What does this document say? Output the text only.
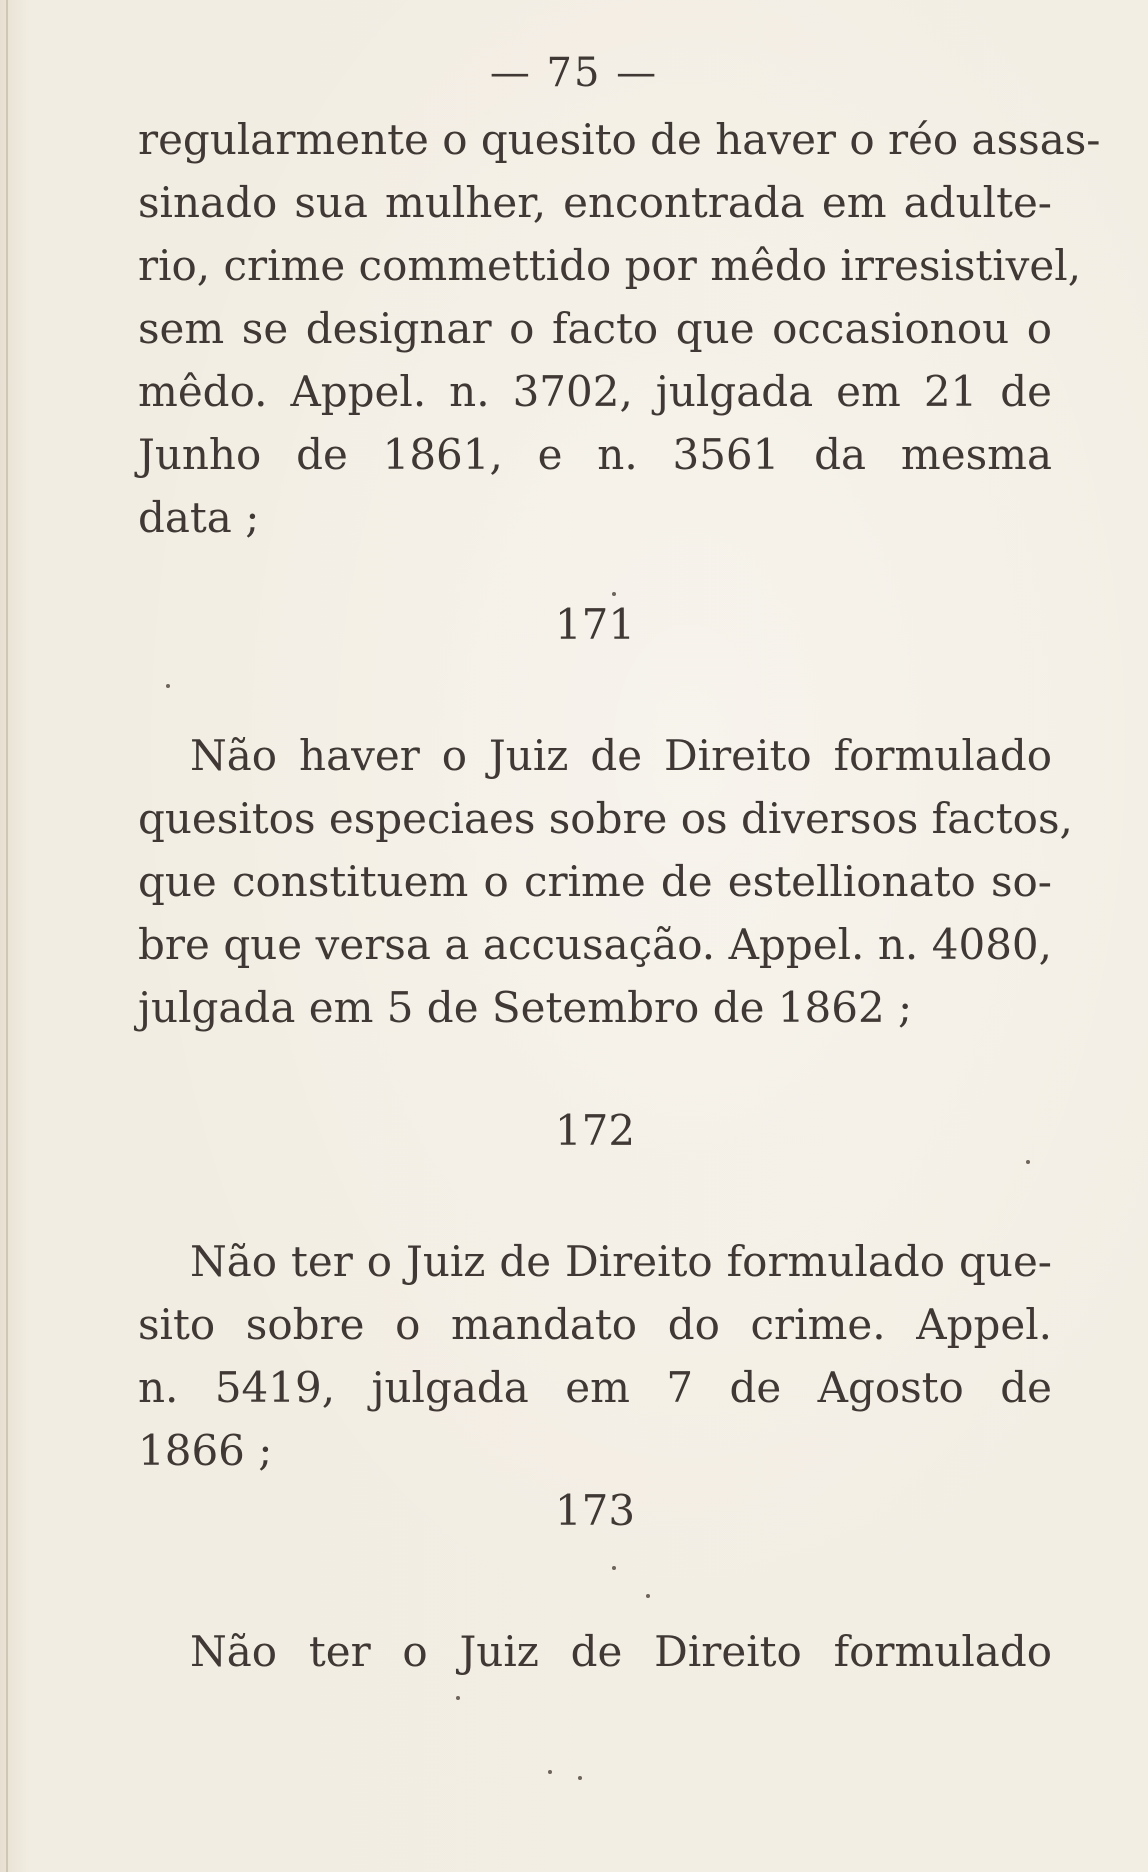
— 75 —
regularmente o quesito de haver o réo assas-
sinado sua mulher, encontrada em adulte-
rio, crime commettido por mêdo irresistivel,
sem se designar o facto que occasionou o
mêdo. Appel. n. 3702, julgada em 21 de
Junho de 1861, e n. 3561 da mesma
data ;
171
Não haver o Juiz de Direito formulado
quesitos especiaes sobre os diversos factos,
que constituem o crime de estellionato so-
bre que versa a accusação. Appel. n. 4080,
julgada em 5 de Setembro de 1862 ;
172
Não ter o Juiz de Direito formulado que-
sito sobre o mandato do crime. Appel.
n. 5419, julgada em 7 de Agosto de
1866 ;
173
Não ter o Juiz de Direito formulado
